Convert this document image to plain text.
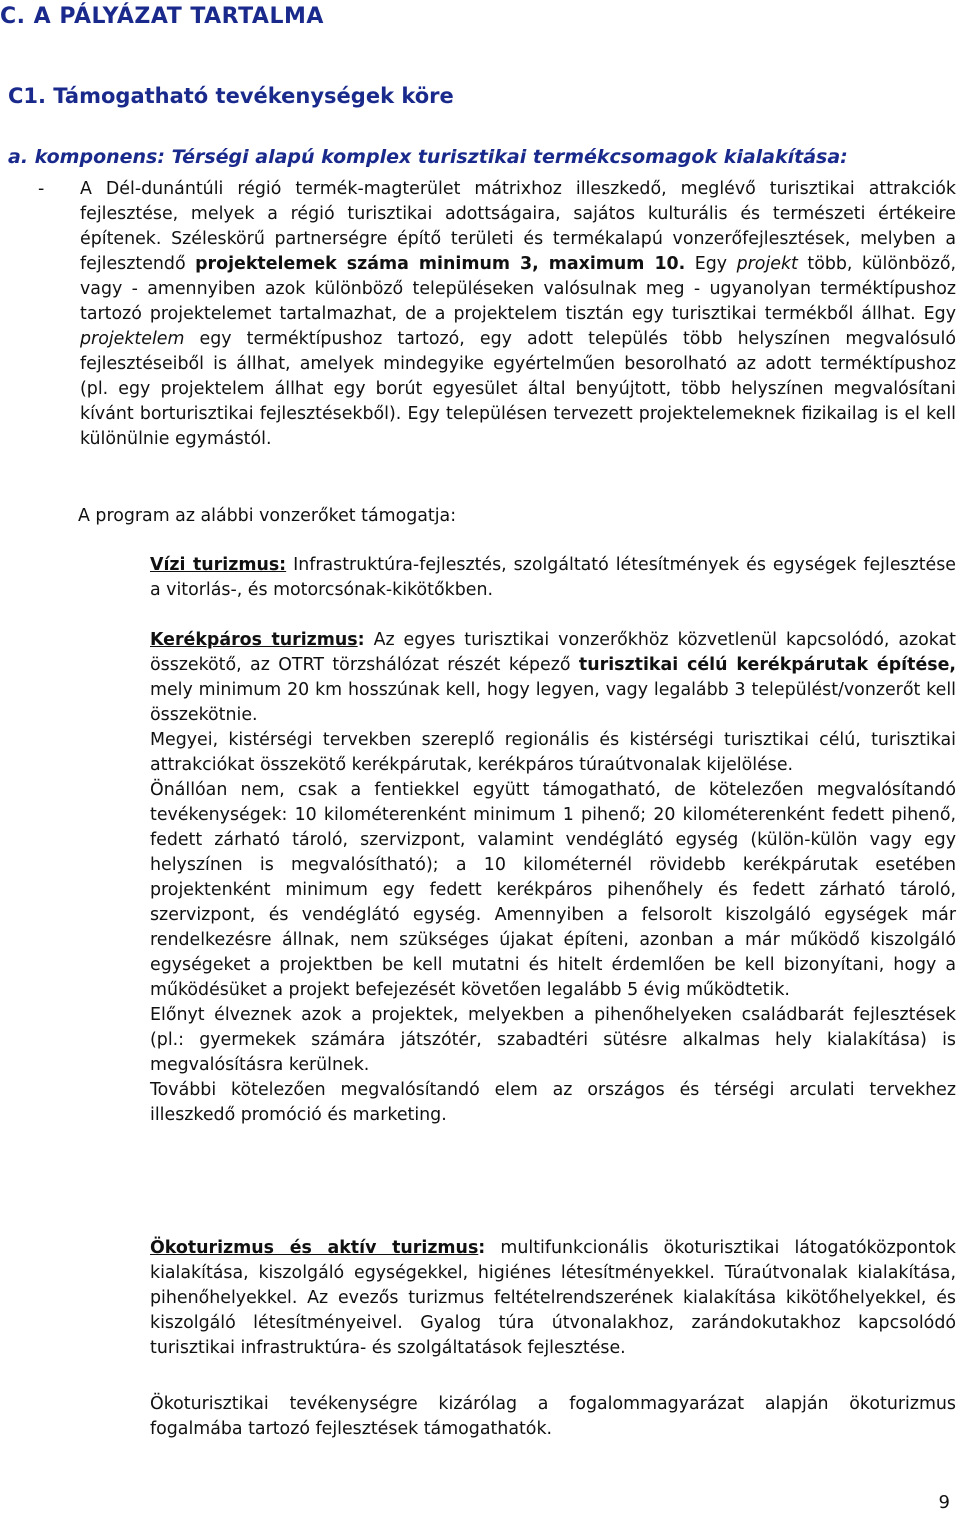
C. A PÁLYÁZAT TARTALMA
C1. Támogatható tevékenységek köre
a. komponens: Térségi alapú komplex turisztikai termékcsomagok kialakítása:
- A Dél-dunántúli régió termék-magterület mátrixhoz illeszkedő, meglévő turisztikai attrakciók fejlesztése, melyek a régió turisztikai adottságaira, sajátos kulturális és természeti értékeire építenek. Széleskörű partnerségre építő területi és termékalapú vonzerőfejlesztések, melyben a fejlesztendő projektelemek száma minimum 3, maximum 10. Egy projekt több, különböző, vagy - amennyiben azok különböző településeken valósulnak meg - ugyanolyan terméktípushoz tartozó projektelemet tartalmazhat, de a projektelem tisztán egy turisztikai termékből állhat. Egy projektelem egy terméktípushoz tartozó, egy adott település több helyszínen megvalósuló fejlesztéseiből is állhat, amelyek mindegyike egyértelműen besorolható az adott terméktípushoz (pl. egy projektelem állhat egy borút egyesület által benyújtott, több helyszínen megvalósítani kívánt borturisztikai fejlesztésekből). Egy településen tervezett projektelemeknek fizikailag is el kell különülnie egymástól.
A program az alábbi vonzerőket támogatja:
Vízi turizmus: Infrastruktúra-fejlesztés, szolgáltató létesítmények és egységek fejlesztése a vitorlás-, és motorcsónak-kikötőkben.

Kerékpáros turizmus: Az egyes turisztikai vonzerőkhöz közvetlenül kapcsolódó, azokat összekötő, az OTRT törzshálózat részét képező turisztikai célú kerékpárutak építése, mely minimum 20 km hosszúnak kell, hogy legyen, vagy legalább 3 települést/vonzerőt kell összekötnie.

Megyei, kistérségi tervekben szereplő regionális és kistérségi turisztikai célú, turisztikai attrakciókat összekötő kerékpárutak, kerékpáros túraútvonalak kijelölése.

Önállóan nem, csak a fentiekkel együtt támogatható, de kötelezően megvalósítandó tevékenységek: 10 kilométerenként minimum 1 pihenő; 20 kilométerenként fedett pihenő, fedett zárható tároló, szervizpont, valamint vendéglátó egység (külön-külön vagy egy helyszínen is megvalósítható); a 10 kilométernél rövidebb kerékpárutak esetében projektenként minimum egy fedett kerékpáros pihenőhely és fedett zárható tároló, szervizpont, és vendéglátó egység. Amennyiben a felsorolt kiszolgáló egységek már rendelkezésre állnak, nem szükséges újakat építeni, azonban a már működő kiszolgáló egységeket a projektben be kell mutatni és hitelt érdemlően be kell bizonyítani, hogy a működésüket a projekt befejezését követően legalább 5 évig működtetik.

Előnyt élveznek azok a projektek, melyekben a pihenőhelyeken családbarát fejlesztések (pl.: gyermekek számára játszótér, szabadtéri sütésre alkalmas hely kialakítása) is megvalósításra kerülnek.

További kötelezően megvalósítandó elem az országos és térségi arculati tervekhez illeszkedő promóció és marketing.

Ökoturizmus és aktív turizmus: multifunkcionális ökoturisztikai látogatóközpontok kialakítása, kiszolgáló egységekkel, higiénes létesítményekkel. Túraútvonalak kialakítása, pihenőhelyekkel. Az evezős turizmus feltételrendszerének kialakítása kikötőhelyekkel, és kiszolgáló létesítményeivel. Gyalog túra útvonalakhoz, zarándokutakhoz kapcsolódó turisztikai infrastruktúra- és szolgáltatások fejlesztése.
Ökoturisztikai tevékenységre kizárólag a fogalommagyarázat alapján ökoturizmus fogalmába tartozó fejlesztések támogathatók.
9
